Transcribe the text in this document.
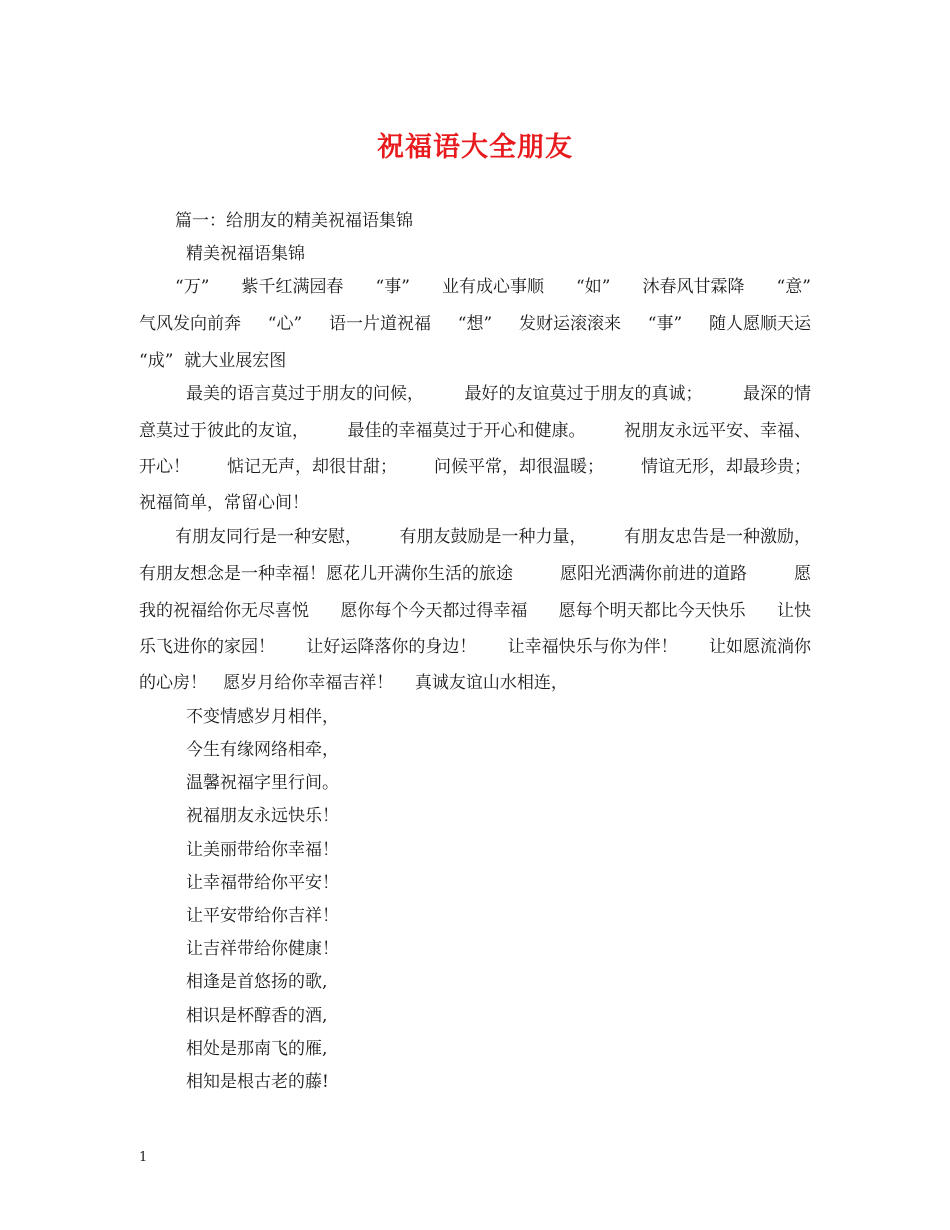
祝福语大全朋友
篇一：给朋友的精美祝福语集锦
精美祝福语集锦
“万” 紫千红满园春 “事” 业有成心事顺 “如” 沐春风甘霖降 “意”
气风发向前奔 “心” 语一片道祝福 “想” 发财运滚滚来 “事” 随人愿顺天运
“成” 就大业展宏图
最美的语言莫过于朋友的问候， 最好的友谊莫过于朋友的真诚； 最深的情
意莫过于彼此的友谊， 最佳的幸福莫过于开心和健康。 祝朋友永远平安、幸福、
开心！ 惦记无声，却很甘甜； 问候平常，却很温暖； 情谊无形，却最珍贵；
祝福简单，常留心间！
有朋友同行是一种安慰， 有朋友鼓励是一种力量， 有朋友忠告是一种激励，
有朋友想念是一种幸福！愿花儿开满你生活的旅途	愿阳光洒满你前进的道路	愿
我的祝福给你无尽喜悦 愿你每个今天都过得幸福 愿每个明天都比今天快乐 让快
乐飞进你的家园！ 让好运降落你的身边！ 让幸福快乐与你为伴！ 让如愿流淌你
的心房！ 愿岁月给你幸福吉祥！ 真诚友谊山水相连，
不变情感岁月相伴，
今生有缘网络相牵，
温馨祝福字里行间。
祝福朋友永远快乐！
让美丽带给你幸福！
让幸福带给你平安！
让平安带给你吉祥！
让吉祥带给你健康！
相逢是首悠扬的歌,
相识是杯醇香的酒,
相处是那南飞的雁,
相知是根古老的藤!
1
